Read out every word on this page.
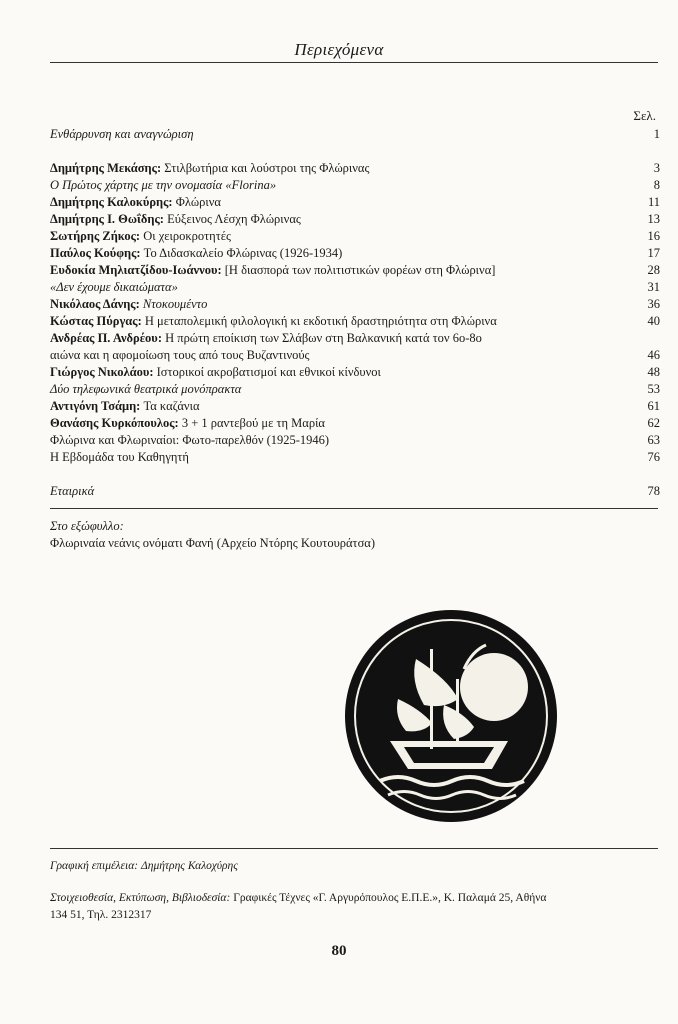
Περιεχόμενα
Σελ.
Ενθάρρυνση και αναγνώριση	1
Δημήτρης Μεκάσης: Στιλβωτήρια και λούστροι της Φλώρινας	3
Ο Πρώτος χάρτης με την ονομασία «Florina»	8
Δημήτρης Καλοκύρης: Φλώρινα	11
Δημήτρης Ι. Θωΐδης: Εύξεινος Λέσχη Φλώρινας	13
Σωτήρης Ζήκος: Οι χειροκροτητές	16
Παύλος Κούφης: Το Διδασκαλείο Φλώρινας (1926-1934)	17
Ευδοκία Μηλιατζίδου-Ιωάννου: [Η διασπορά των πολιτιστικών φορέων στη Φλώρινα]	28
«Δεν έχουμε δικαιώματα»	31
Νικόλαος Δάνης: Ντοκουμέντο	36
Κώστας Πύργας: Η μεταπολεμική φιλολογική κι εκδοτική δραστηριότητα στη Φλώρινα	40
Ανδρέας Π. Ανδρέου: Η πρώτη εποίκιση των Σλάβων στη Βαλκανική κατά τον 6ο-8ο
αιώνα και η αφομοίωση τους από τους Βυζαντινούς	46
Γιώργος Νικολάου: Ιστορικοί ακροβατισμοί και εθνικοί κίνδυνοι	48
Δύο τηλεφωνικά θεατρικά μονόπρακτα	53
Αντιγόνη Τσάμη: Τα καζάνια	61
Θανάσης Κυρκόπουλος: 3 + 1 ραντεβού με τη Μαρία	62
Φλώρινα και Φλωριναίοι: Φωτο-παρελθόν (1925-1946)	63
Η Εβδομάδα του Καθηγητή	76
Εταιρικά	78
Στο εξώφυλλο:
Φλωριναία νεάνις ονόματι Φανή (Αρχείο Ντόρης Κουτουράτσα)
Γραφική επιμέλεια: Δημήτρης Καλοχύρης
Στοιχειοθεσία, Εκτύπωση, Βιβλιοδεσία: Γραφικές Τέχνες «Γ. Αργυρόπουλος Ε.Π.Ε.», Κ. Παλαμά 25, Αθήνα
134 51, Τηλ. 2312317
80
